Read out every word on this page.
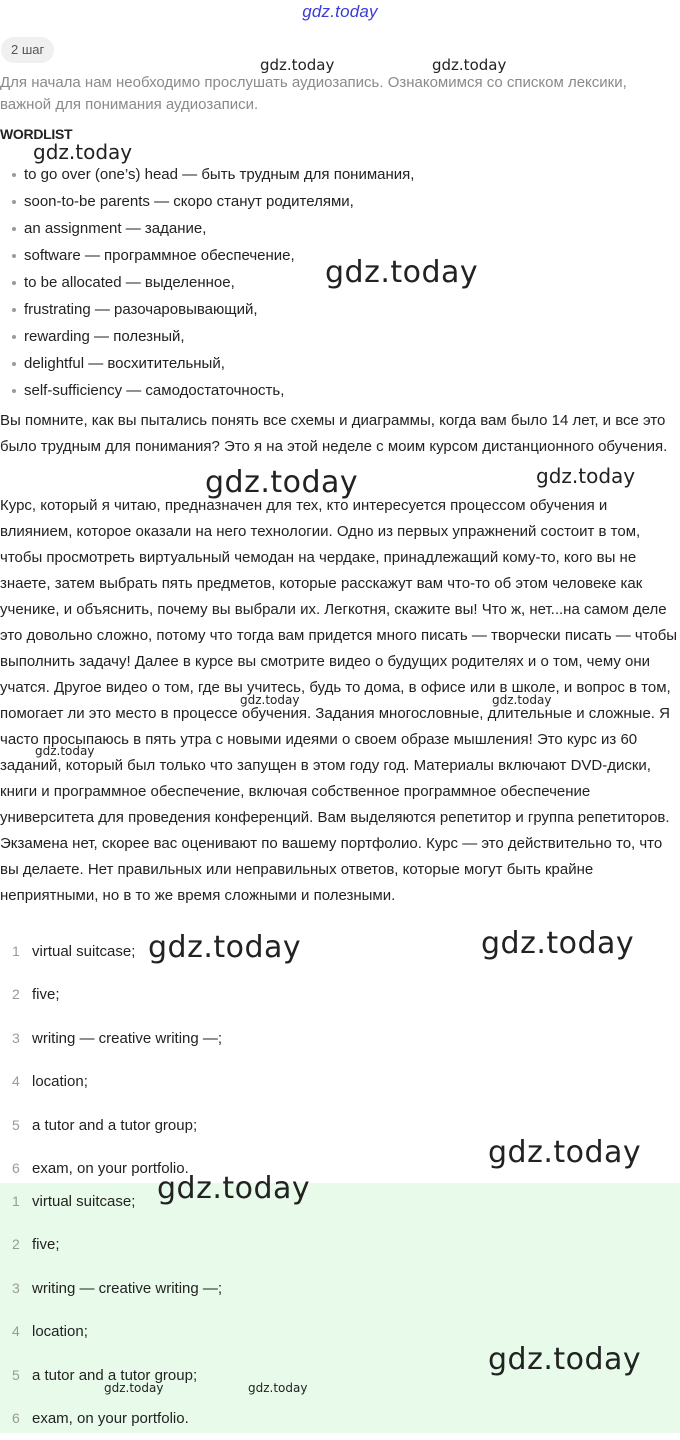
gdz.today
2 шаг
Для начала нам необходимо прослушать аудиозапись. Ознакомимся со списком лексики, важной для понимания аудиозаписи.
WORDLIST
to go over (one’s) head — быть трудным для понимания,
soon-to-be parents — скоро станут родителями,
an assignment — задание,
software — программное обеспечение,
to be allocated — выделенное,
frustrating — разочаровывающий,
rewarding — полезный,
delightful — восхитительный,
self-sufficiency — самодостаточность,

Вы помните, как вы пытались понять все схемы и диаграммы, когда вам было 14 лет, и все это было трудным для понимания? Это я на этой неделе с моим курсом дистанционного обучения.

Курс, который я читаю, предназначен для тех, кто интересуется процессом обучения и влиянием, которое оказали на него технологии. Одно из первых упражнений состоит в том, чтобы просмотреть виртуальный чемодан на чердаке, принадлежащий кому-то, кого вы не знаете, затем выбрать пять предметов, которые расскажут вам что-то об этом человеке как ученике, и объяснить, почему вы выбрали их. Легкотня, скажите вы! Что ж, нет...на самом деле это довольно сложно, потому что тогда вам придется много писать — творчески писать — чтобы выполнить задачу! Далее в курсе вы смотрите видео о будущих родителях и о том, чему они учатся. Другое видео о том, где вы учитесь, будь то дома, в офисе или в школе, и вопрос в том, помогает ли это место в процессе обучения. Задания многословные, длительные и сложные. Я часто просыпаюсь в пять утра с новыми идеями о своем образе мышления! Это курс из 60 заданий, который был только что запущен в этом году год. Материалы включают DVD-диски, книги и программное обеспечение, включая собственное программное обеспечение университета для проведения конференций. Вам выделяются репетитор и группа репетиторов. Экзамена нет, скорее вас оценивают по вашему портфолио. Курс — это действительно то, что вы делаете. Нет правильных или неправильных ответов, которые могут быть крайне неприятными, но в то же время сложными и полезными.

1 virtual suitcase;
2 five;
3 writing — creative writing —;
4 location;
5 a tutor and a tutor group;
6 exam, on your portfolio.
1 virtual suitcase;
2 five;
3 writing — creative writing —;
4 location;
5 a tutor and a tutor group;
6 exam, on your portfolio.
gdz.today	gdz.today
gdz.today
gdz.today
gdz.today	gdz.today
gdz.today	gdz.today
gdz.today
gdz.today	gdz.today
gdz.today
gdz.today
gdz.today
gdz.today	gdz.today
